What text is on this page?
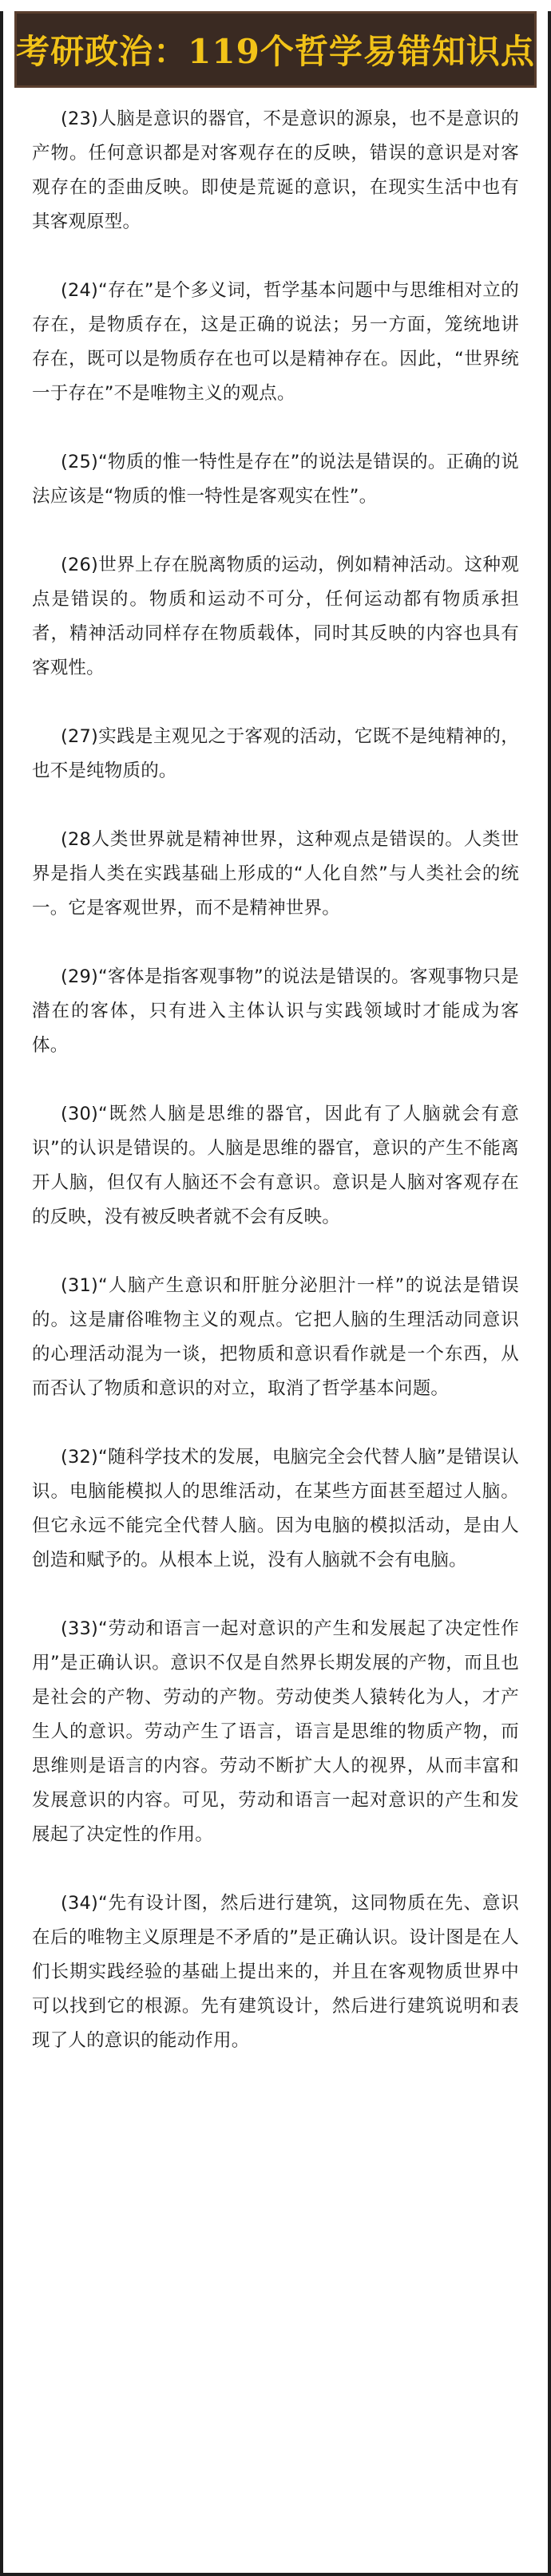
考研政治：119个哲学易错知识点

(23)人脑是意识的器官，不是意识的源泉，也不是意识的产物。任何意识都是对客观存在的反映，错误的意识是对客观存在的歪曲反映。即使是荒诞的意识，在现实生活中也有其客观原型。

(24)“存在”是个多义词，哲学基本问题中与思维相对立的存在，是物质存在，这是正确的说法；另一方面，笼统地讲存在，既可以是物质存在也可以是精神存在。因此，“世界统一于存在”不是唯物主义的观点。

(25)“物质的惟一特性是存在”的说法是错误的。正确的说法应该是“物质的惟一特性是客观实在性”。

(26)世界上存在脱离物质的运动，例如精神活动。这种观点是错误的。物质和运动不可分，任何运动都有物质承担者，精神活动同样存在物质载体，同时其反映的内容也具有客观性。

(27)实践是主观见之于客观的活动，它既不是纯精神的，也不是纯物质的。

(28人类世界就是精神世界，这种观点是错误的。人类世界是指人类在实践基础上形成的“人化自然”与人类社会的统一。它是客观世界，而不是精神世界。

(29)“客体是指客观事物”的说法是错误的。客观事物只是潜在的客体，只有进入主体认识与实践领域时才能成为客体。

(30)“既然人脑是思维的器官，因此有了人脑就会有意识”的认识是错误的。人脑是思维的器官，意识的产生不能离开人脑，但仅有人脑还不会有意识。意识是人脑对客观存在的反映，没有被反映者就不会有反映。

(31)“人脑产生意识和肝脏分泌胆汁一样”的说法是错误的。这是庸俗唯物主义的观点。它把人脑的生理活动同意识的心理活动混为一谈，把物质和意识看作就是一个东西，从而否认了物质和意识的对立，取消了哲学基本问题。

(32)“随科学技术的发展，电脑完全会代替人脑”是错误认识。电脑能模拟人的思维活动，在某些方面甚至超过人脑。但它永远不能完全代替人脑。因为电脑的模拟活动，是由人创造和赋予的。从根本上说，没有人脑就不会有电脑。

(33)“劳动和语言一起对意识的产生和发展起了决定性作用”是正确认识。意识不仅是自然界长期发展的产物，而且也是社会的产物、劳动的产物。劳动使类人猿转化为人，才产生人的意识。劳动产生了语言，语言是思维的物质产物，而思维则是语言的内容。劳动不断扩大人的视界，从而丰富和发展意识的内容。可见，劳动和语言一起对意识的产生和发展起了决定性的作用。

(34)“先有设计图，然后进行建筑，这同物质在先、意识在后的唯物主义原理是不矛盾的”是正确认识。设计图是在人们长期实践经验的基础上提出来的，并且在客观物质世界中可以找到它的根源。先有建筑设计，然后进行建筑说明和表现了人的意识的能动作用。
